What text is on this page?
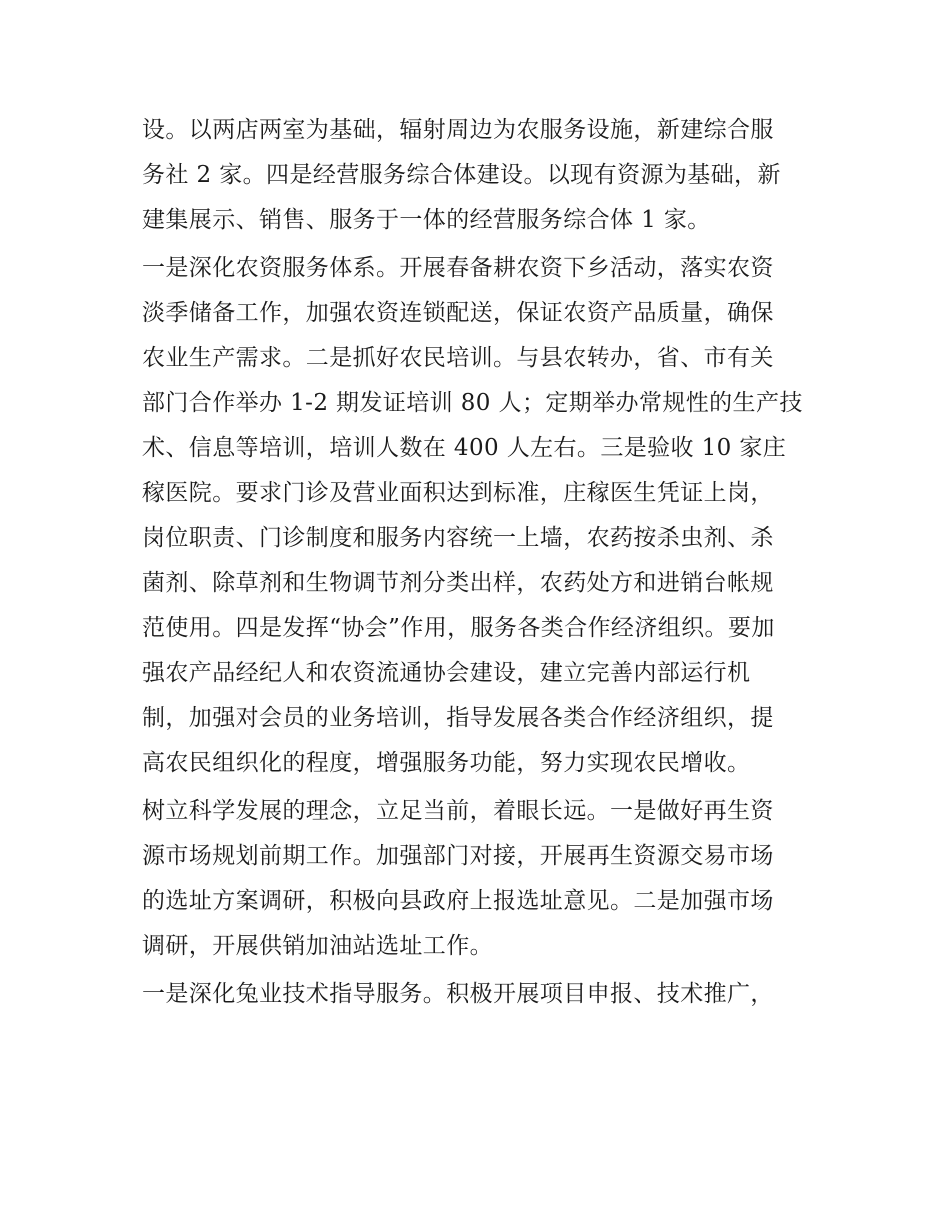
设。以两店两室为基础，辐射周边为农服务设施，新建综合服
务社 2 家。四是经营服务综合体建设。以现有资源为基础，新
建集展示、销售、服务于一体的经营服务综合体 1 家。
一是深化农资服务体系。开展春备耕农资下乡活动，落实农资
淡季储备工作，加强农资连锁配送，保证农资产品质量，确保
农业生产需求。二是抓好农民培训。与县农转办，省、市有关
部门合作举办 1-2 期发证培训 80 人；定期举办常规性的生产技
术、信息等培训，培训人数在 400 人左右。三是验收 10 家庄
稼医院。要求门诊及营业面积达到标准，庄稼医生凭证上岗，
岗位职责、门诊制度和服务内容统一上墙，农药按杀虫剂、杀
菌剂、除草剂和生物调节剂分类出样，农药处方和进销台帐规
范使用。四是发挥“协会”作用，服务各类合作经济组织。要加
强农产品经纪人和农资流通协会建设，建立完善内部运行机
制，加强对会员的业务培训，指导发展各类合作经济组织，提
高农民组织化的程度，增强服务功能，努力实现农民增收。
树立科学发展的理念，立足当前，着眼长远。一是做好再生资
源市场规划前期工作。加强部门对接，开展再生资源交易市场
的选址方案调研，积极向县政府上报选址意见。二是加强市场
调研，开展供销加油站选址工作。
一是深化兔业技术指导服务。积极开展项目申报、技术推广，
